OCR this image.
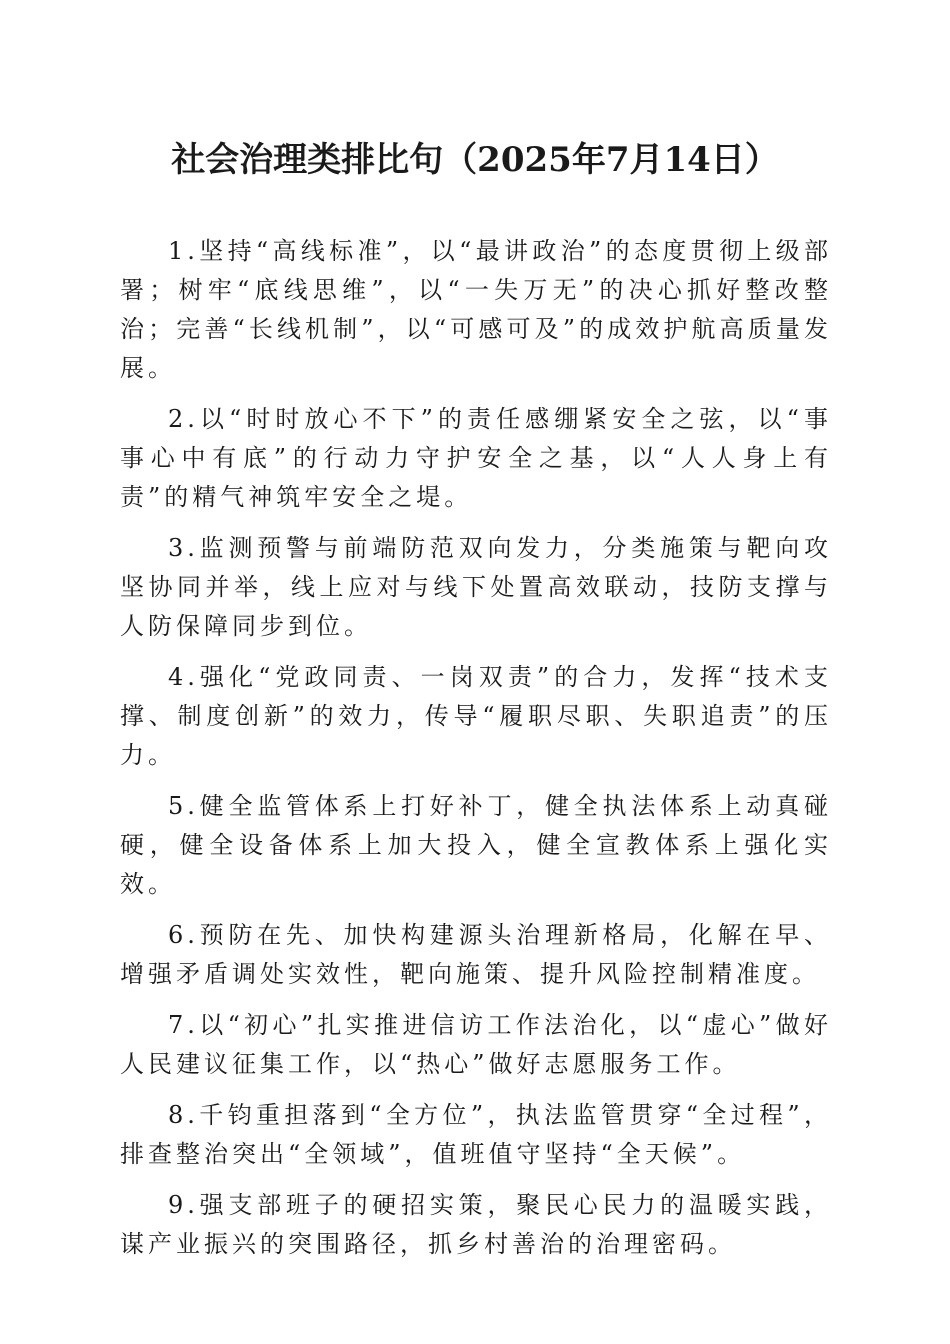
社会治理类排比句（2025年7月14日）

1.坚持“高线标准”，以“最讲政治”的态度贯彻上级部署；树牢“底线思维”，以“一失万无”的决心抓好整改整治；完善“长线机制”，以“可感可及”的成效护航高质量发展。

2.以“时时放心不下”的责任感绷紧安全之弦，以“事事心中有底”的行动力守护安全之基，以“人人身上有责”的精气神筑牢安全之堤。

3.监测预警与前端防范双向发力，分类施策与靶向攻坚协同并举，线上应对与线下处置高效联动，技防支撑与人防保障同步到位。

4.强化“党政同责、一岗双责”的合力，发挥“技术支撑、制度创新”的效力，传导“履职尽职、失职追责”的压力。

5.健全监管体系上打好补丁，健全执法体系上动真碰硬，健全设备体系上加大投入，健全宣教体系上强化实效。

6.预防在先、加快构建源头治理新格局，化解在早、增强矛盾调处实效性，靶向施策、提升风险控制精准度。

7.以“初心”扎实推进信访工作法治化，以“虚心”做好人民建议征集工作，以“热心”做好志愿服务工作。

8.千钧重担落到“全方位”，执法监管贯穿“全过程”，排查整治突出“全领域”，值班值守坚持“全天候”。

9.强支部班子的硬招实策，聚民心民力的温暖实践，谋产业振兴的突围路径，抓乡村善治的治理密码。
